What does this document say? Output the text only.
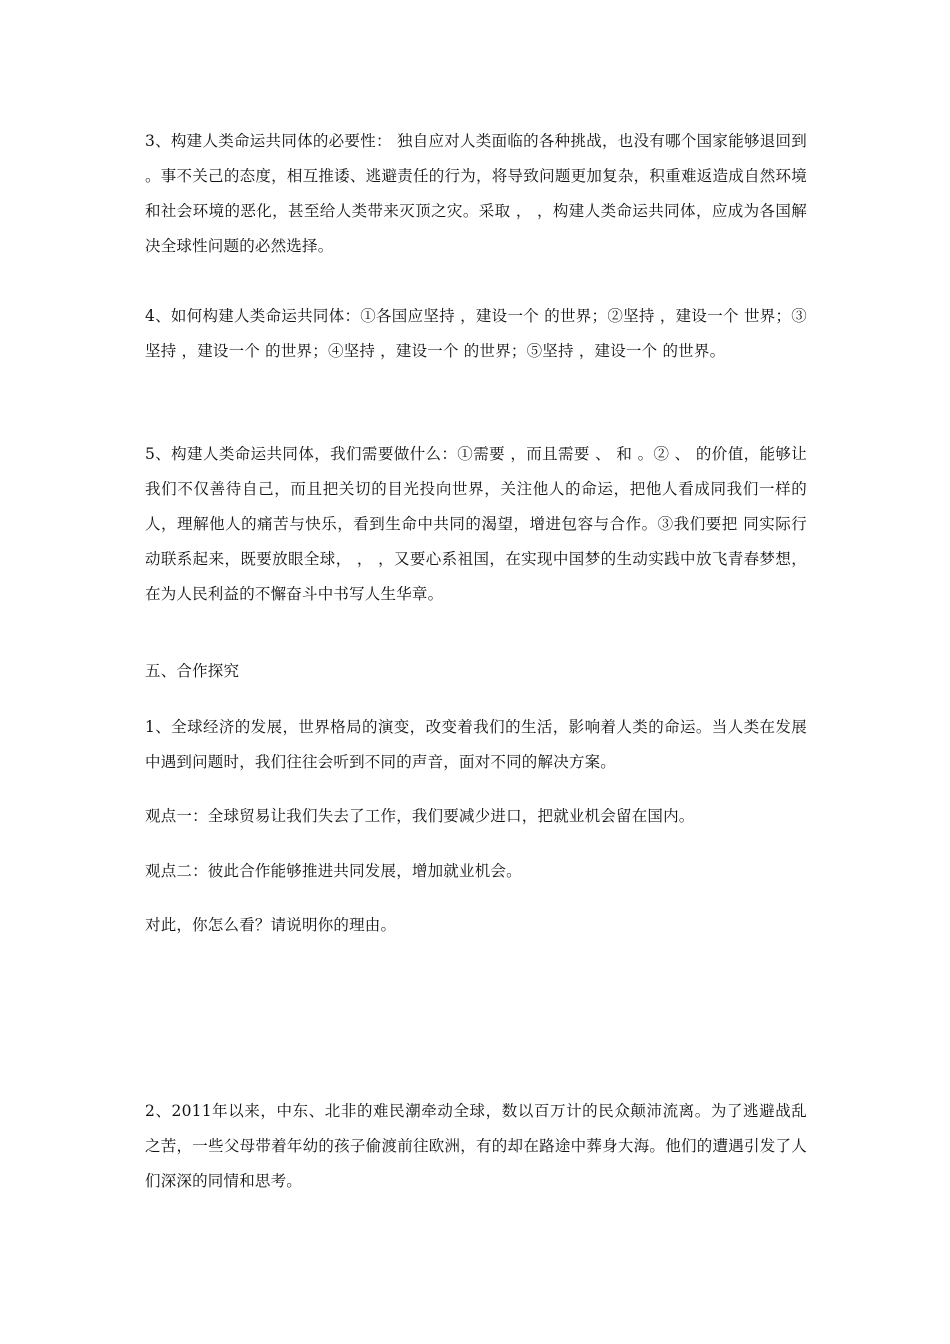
3、构建人类命运共同体的必要性： 独自应对人类面临的各种挑战，也没有哪个国家能够退回到 。事不关己的态度，相互推诿、逃避责任的行为，将导致问题更加复杂，积重难返造成自然环境和社会环境的恶化，甚至给人类带来灭顶之灾。采取 ， ，构建人类命运共同体，应成为各国解决全球性问题的必然选择。

4、如何构建人类命运共同体：①各国应坚持 ，建设一个 的世界；②坚持 ，建设一个 世界；③坚持 ，建设一个 的世界；④坚持 ，建设一个 的世界；⑤坚持 ，建设一个 的世界。

5、构建人类命运共同体，我们需要做什么：①需要 ，而且需要 、 和 。② 、 的价值，能够让我们不仅善待自己，而且把关切的目光投向世界，关注他人的命运，把他人看成同我们一样的人，理解他人的痛苦与快乐，看到生命中共同的渴望，增进包容与合作。③我们要把 同实际行动联系起来，既要放眼全球， ， ，又要心系祖国，在实现中国梦的生动实践中放飞青春梦想，在为人民利益的不懈奋斗中书写人生华章。

五、合作探究

1、全球经济的发展，世界格局的演变，改变着我们的生活，影响着人类的命运。当人类在发展中遇到问题时，我们往往会听到不同的声音，面对不同的解决方案。

观点一：全球贸易让我们失去了工作，我们要减少进口，把就业机会留在国内。

观点二：彼此合作能够推进共同发展，增加就业机会。

对此，你怎么看？请说明你的理由。

2、2011年以来，中东、北非的难民潮牵动全球，数以百万计的民众颠沛流离。为了逃避战乱之苦，一些父母带着年幼的孩子偷渡前往欧洲，有的却在路途中葬身大海。他们的遭遇引发了人们深深的同情和思考。
